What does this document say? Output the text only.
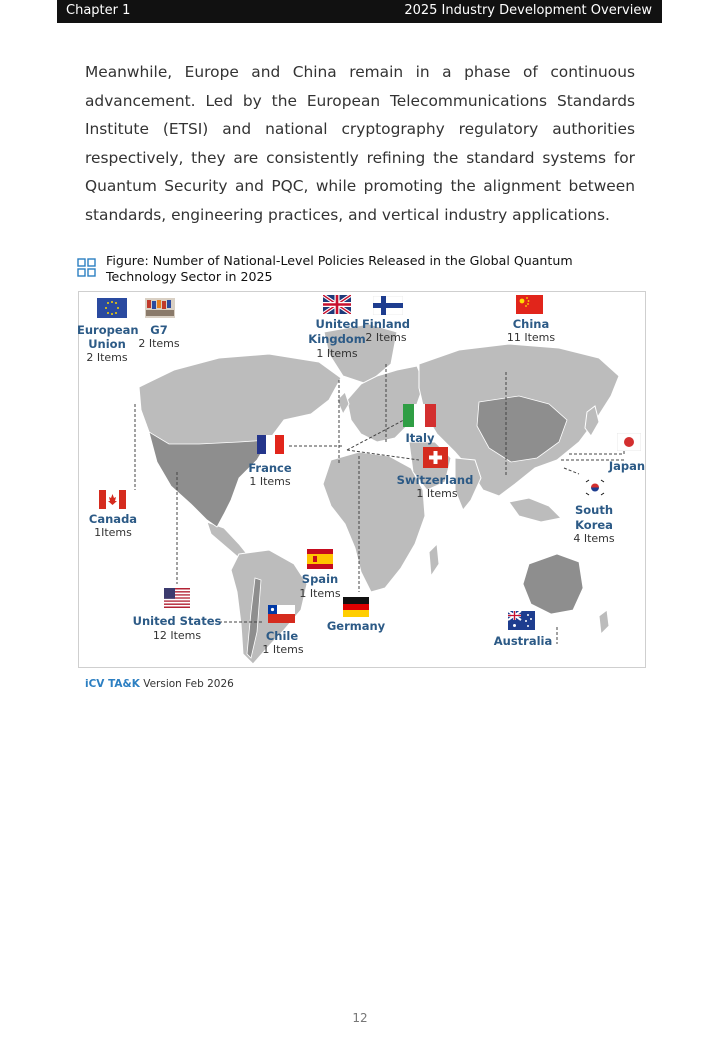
Chapter 1	2025 Industry Development Overview

Meanwhile, Europe and China remain in a phase of continuous advancement. Led by the European Telecommunications Standards Institute (ETSI) and national cryptography regulatory authorities respectively, they are consistently refining the standard systems for Quantum Security and PQC, while promoting the alignment between standards, engineering practices, and vertical industry applications.

Figure: Number of National-Level Policies Released in the Global Quantum Technology Sector in 2025
European Union
2 Items
G7
2 Items
United Kingdom
1 Items
Finland
2 Items
China
11 Items
Italy
France
1 Items	Switzerland
1 Items
Japan
South Korea
4 Items
Canada
1Items
Spain
1 Items
Germany
United States
12 Items	Chile
1 Items
Australia
iCV TA&K Version Feb 2026
12
